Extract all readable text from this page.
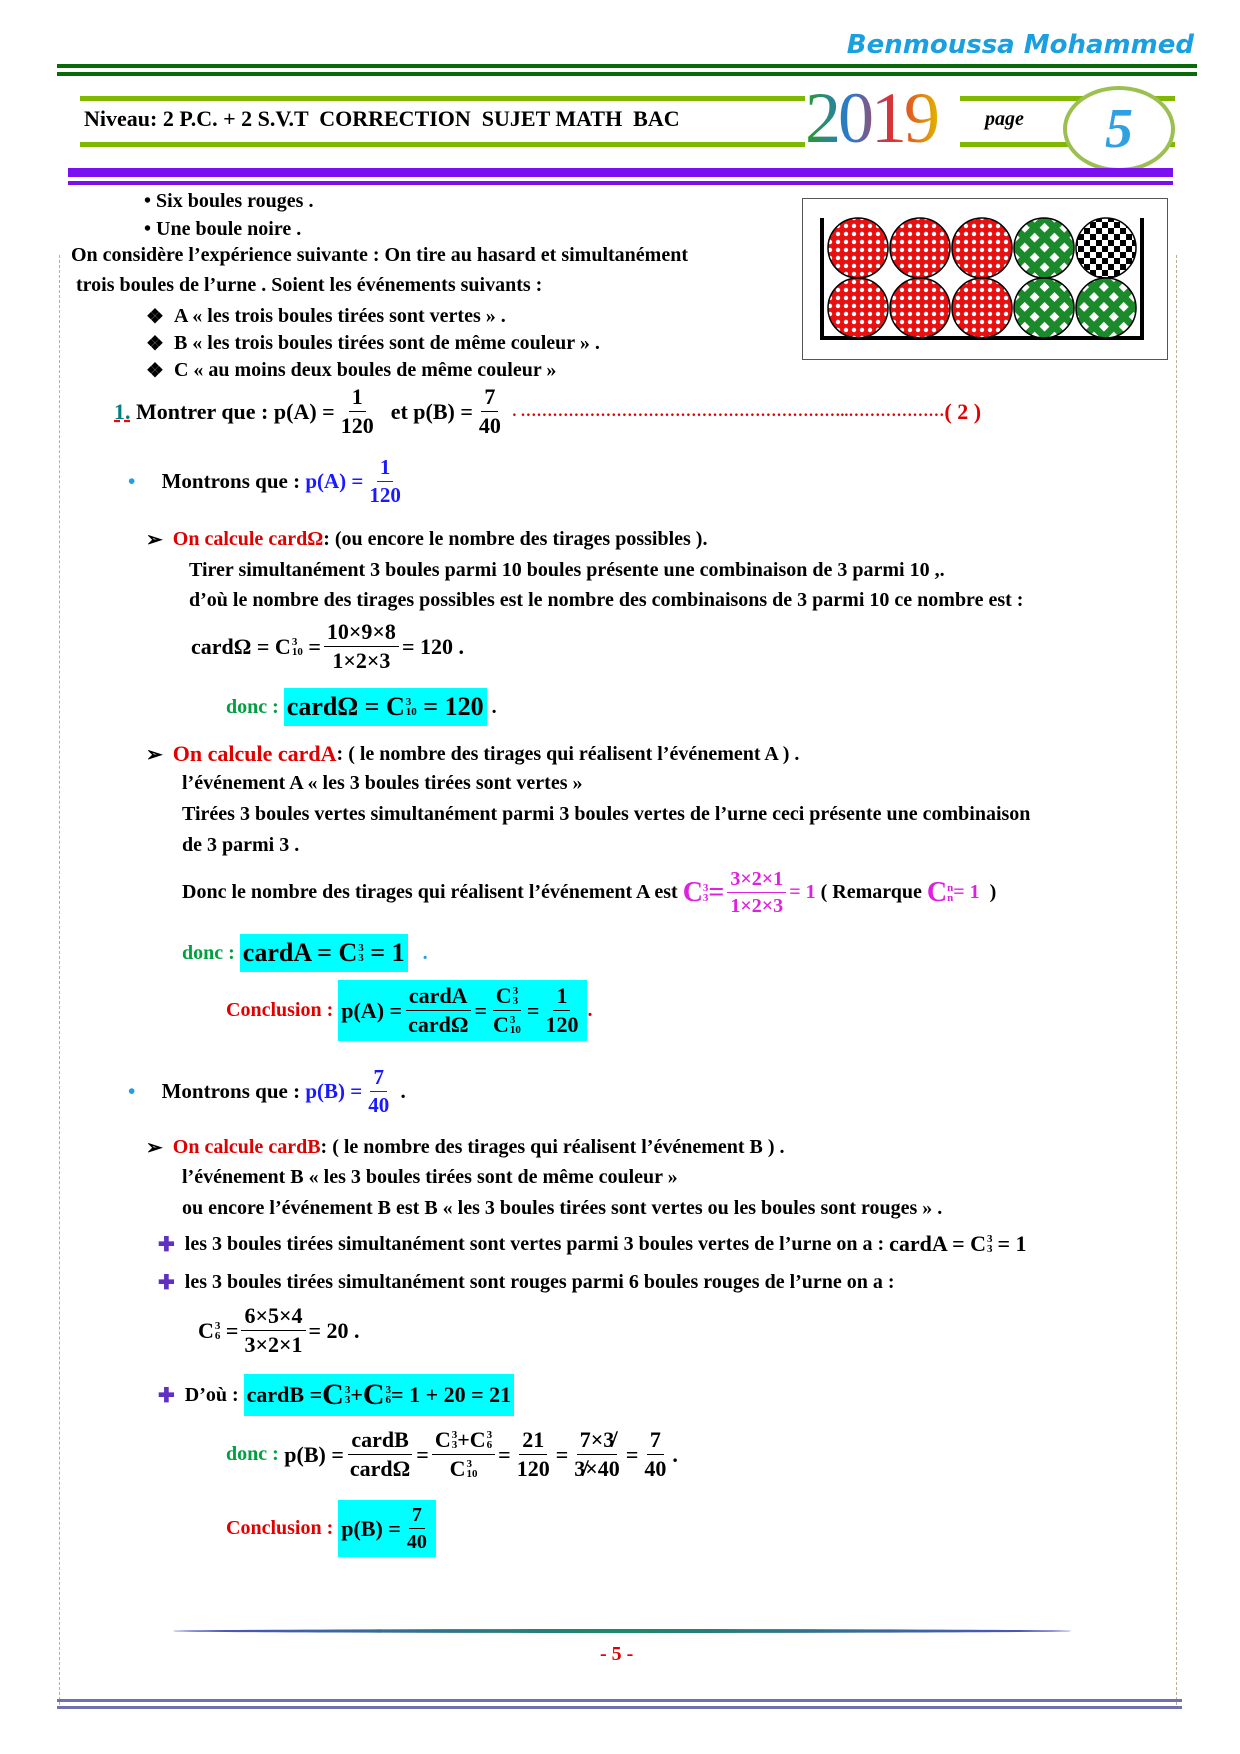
Benmoussa Mohammed
Niveau: 2 P.C. + 2 S.V.T  CORRECTION  SUJET MATH  BAC 2019 page 5
• Six boules rouges .
• Une boule noire .
On considère l’expérience suivante : On tire au hasard et simultanément
trois boules de l’urne . Soient les événements suivants :
❖ A « les trois boules tirées sont vertes » .
❖ B « les trois boules tirées sont de même couleur » .
❖ C « au moins deux boules de même couleur »
1.
Montrer que :
$p(A) = \frac{1}{120}$
et
$p(B) = \frac{7}{40}$
. ……………………………………………………..……………… ( 2 )
•
Montrons que :
$p(A) = \frac{1}{120}$
➢ On calcule cardΩ : (ou encore le nombre des tirages possibles ).
Tirer simultanément 3 boules parmi 10 boules présente une combinaison de 3 parmi 10 ,.
d’où le nombre des tirages possibles est le nombre des combinaisons de 3 parmi 10 ce nombre est :
cardΩ = C 3
$10 = \frac{10\times 9\times 8}{1\times 2\times 3} = 120$ .
donc :
cardΩ = C 3
10
= 120 .
➢ On calcule cardA : ( le nombre des tirages qui réalisent l’événement A ) .
l’événement A « les 3 boules tirées sont vertes »
Tirées 3 boules vertes simultanément parmi 3 boules vertes de l’urne ceci présente une combinaison
de 3 parmi 3 .
Donc le nombre des tirages qui réalisent l’événement A est
C 3
$3 = \frac{3\times 2\times 1}{1\times 2\times 3} = 1$
( Remarque
C n
n = 1
)
donc :
cardA = C 3
3
= 1
.
Conclusion :
$p(A) = \frac{\text{cardA}}{\text{cardΩ}} = C$ 3
3
C 3
$10 = \frac{1}{120}$ .
•
Montrons que :
$p(B) = \frac{7}{40}$ .
➢ On calcule cardB : ( le nombre des tirages qui réalisent l’événement B ) .
l’événement B « les 3 boules tirées sont de même couleur »
ou encore l’événement B est B « les 3 boules tirées sont vertes ou les boules sont rouges » .
✚ les 3 boules tirées simultanément sont vertes parmi 3 boules vertes de l’urne on a :
cardA = C 3
3
= 1
✚ les 3 boules tirées simultanément sont rouges parmi 6 boules rouges de l’urne on a :
C 3
$6 = \frac{6\times 5\times 4}{3\times 2\times 1} = 20$ .
✚ D’où :
cardB = C 3
3 + C 3
6 = 1 + 20 = 21
donc :
$p(B) = \frac{\text{cardB}}{\text{cardΩ}} = C$ 3
3 +C 3
6
C 3
$10 = \frac{21}{120} = \frac{7\times 3̸}{3̸\times 40} = \frac{7}{40}$ .
Conclusion :
$p(B) = \frac{7}{40}$
- 5 -
